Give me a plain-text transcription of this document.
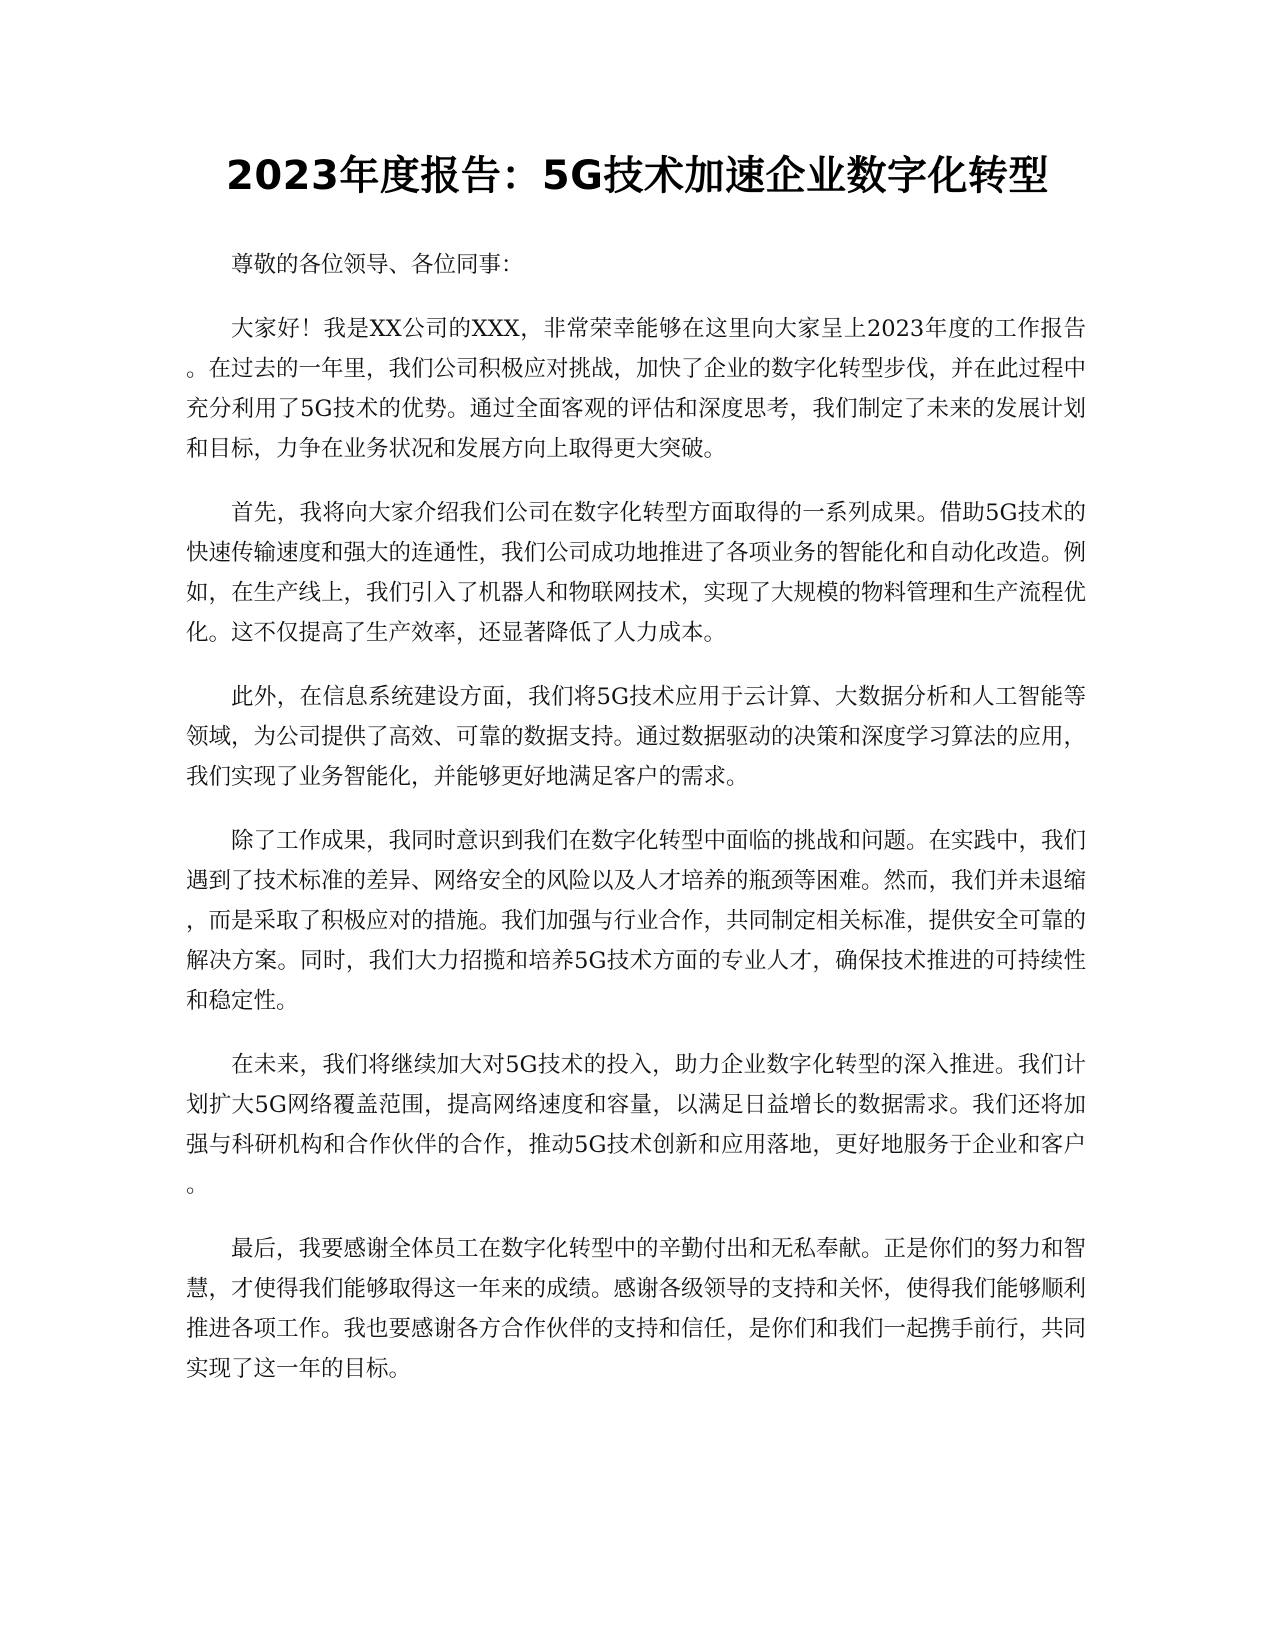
2023年度报告：5G技术加速企业数字化转型

尊敬的各位领导、各位同事：

大家好！我是XX公司的XXX，非常荣幸能够在这里向大家呈上2023年度的工作报告。在过去的一年里，我们公司积极应对挑战，加快了企业的数字化转型步伐，并在此过程中充分利用了5G技术的优势。通过全面客观的评估和深度思考，我们制定了未来的发展计划和目标，力争在业务状况和发展方向上取得更大突破。

首先，我将向大家介绍我们公司在数字化转型方面取得的一系列成果。借助5G技术的快速传输速度和强大的连通性，我们公司成功地推进了各项业务的智能化和自动化改造。例如，在生产线上，我们引入了机器人和物联网技术，实现了大规模的物料管理和生产流程优化。这不仅提高了生产效率，还显著降低了人力成本。

此外，在信息系统建设方面，我们将5G技术应用于云计算、大数据分析和人工智能等领域，为公司提供了高效、可靠的数据支持。通过数据驱动的决策和深度学习算法的应用，我们实现了业务智能化，并能够更好地满足客户的需求。

除了工作成果，我同时意识到我们在数字化转型中面临的挑战和问题。在实践中，我们遇到了技术标准的差异、网络安全的风险以及人才培养的瓶颈等困难。然而，我们并未退缩，而是采取了积极应对的措施。我们加强与行业合作，共同制定相关标准，提供安全可靠的解决方案。同时，我们大力招揽和培养5G技术方面的专业人才，确保技术推进的可持续性和稳定性。

在未来，我们将继续加大对5G技术的投入，助力企业数字化转型的深入推进。我们计划扩大5G网络覆盖范围，提高网络速度和容量，以满足日益增长的数据需求。我们还将加强与科研机构和合作伙伴的合作，推动5G技术创新和应用落地，更好地服务于企业和客户。

最后，我要感谢全体员工在数字化转型中的辛勤付出和无私奉献。正是你们的努力和智慧，才使得我们能够取得这一年来的成绩。感谢各级领导的支持和关怀，使得我们能够顺利推进各项工作。我也要感谢各方合作伙伴的支持和信任，是你们和我们一起携手前行，共同实现了这一年的目标。
